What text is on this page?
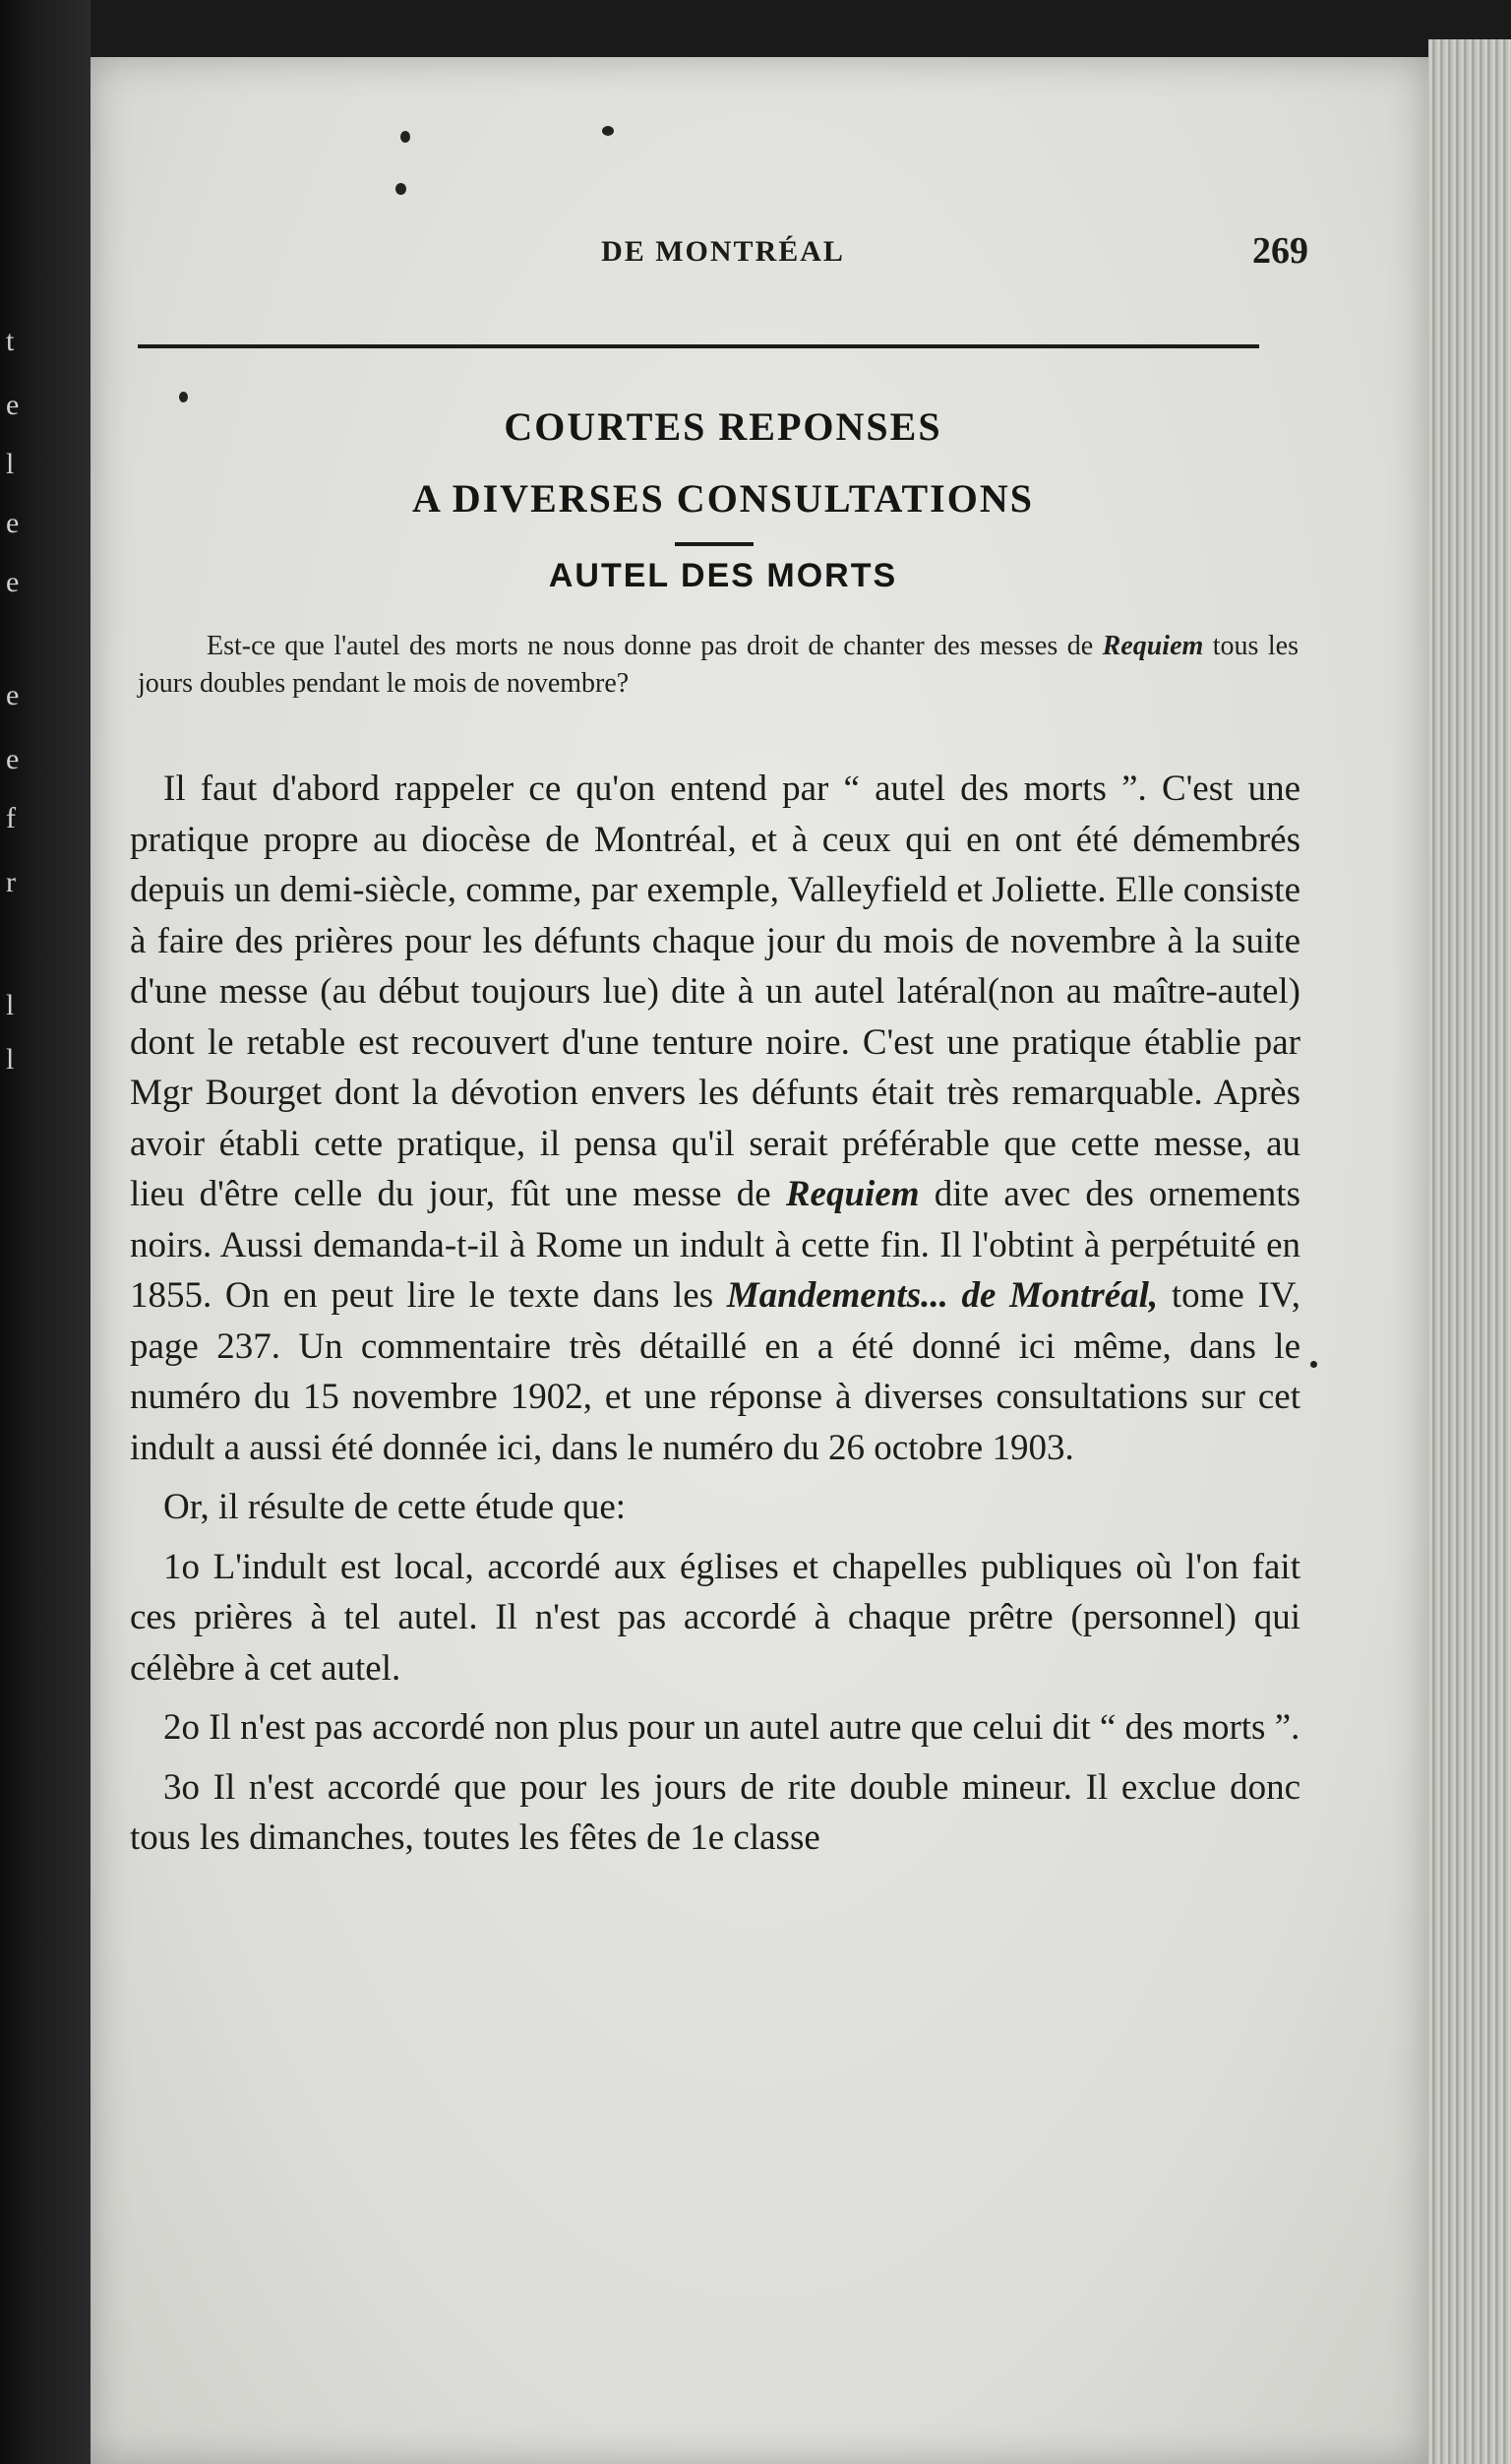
t
e
l
e
e
e
e
f
r
l
l
DE MONTRÉAL	269
COURTES REPONSES
A DIVERSES CONSULTATIONS
AUTEL DES MORTS

Est-ce que l'autel des morts ne nous donne pas droit de chanter des messes de Requiem tous les jours doubles pendant le mois de novembre?

Il faut d'abord rappeler ce qu'on entend par “ autel des morts ”. C'est une pratique propre au diocèse de Montréal, et à ceux qui en ont été démembrés depuis un demi-siècle, comme, par exemple, Valleyfield et Joliette. Elle consiste à faire des prières pour les défunts chaque jour du mois de novembre à la suite d'une messe (au début toujours lue) dite à un autel latéral(non au maître-autel) dont le retable est recouvert d'une tenture noire. C'est une pratique établie par Mgr Bourget dont la dévotion envers les défunts était très remarquable. Après avoir établi cette pratique, il pensa qu'il serait préférable que cette messe, au lieu d'être celle du jour, fût une messe de Requiem dite avec des ornements noirs. Aussi demanda-t-il à Rome un indult à cette fin. Il l'obtint à perpétuité en 1855. On en peut lire le texte dans les Mandements... de Montréal, tome IV, page 237. Un commentaire très détaillé en a été donné ici même, dans le numéro du 15 novembre 1902, et une réponse à diverses consultations sur cet indult a aussi été donnée ici, dans le numéro du 26 octobre 1903.

Or, il résulte de cette étude que:

1o L'indult est local, accordé aux églises et chapelles publiques où l'on fait ces prières à tel autel. Il n'est pas accordé à chaque prêtre (personnel) qui célèbre à cet autel.

2o Il n'est pas accordé non plus pour un autel autre que celui dit “ des morts ”.

3o Il n'est accordé que pour les jours de rite double mineur. Il exclue donc tous les dimanches, toutes les fêtes de 1e classe
